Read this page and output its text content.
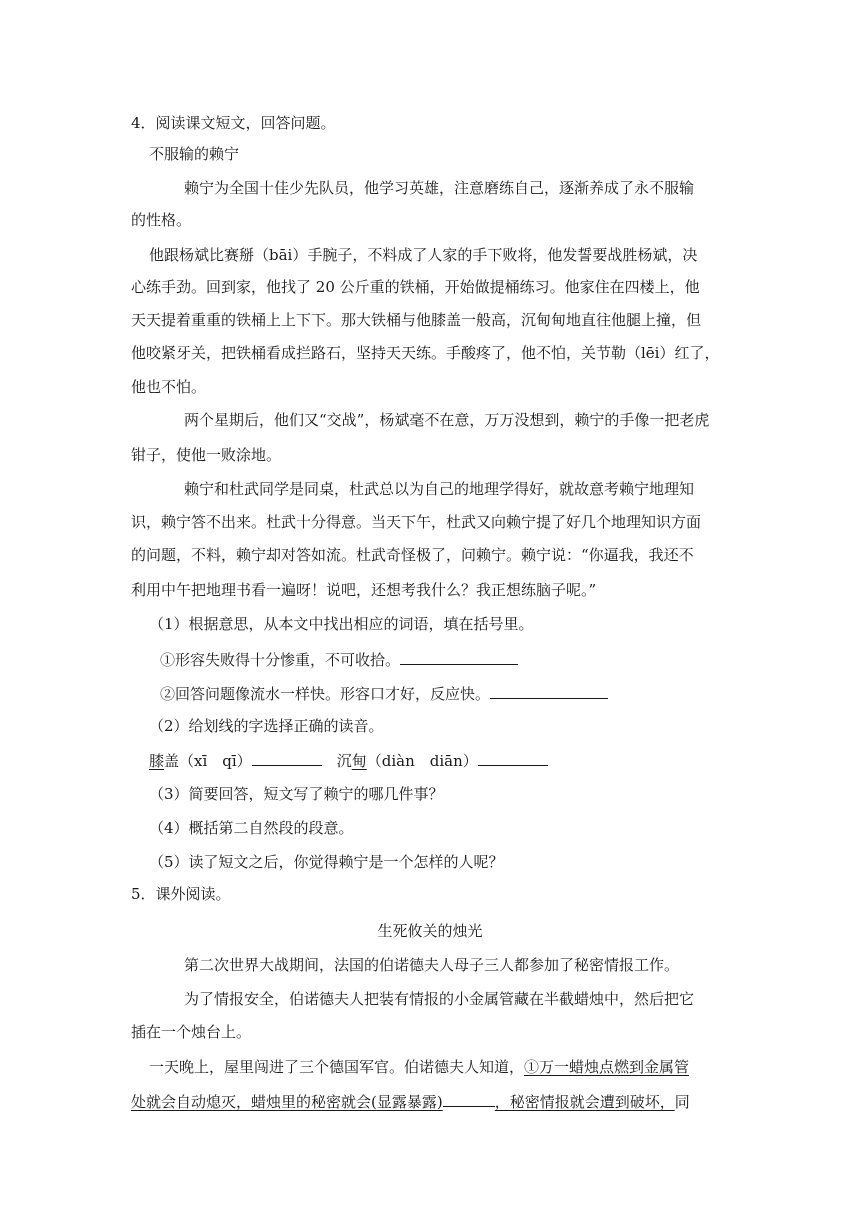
4．阅读课文短文，回答问题。
不服输的赖宁
赖宁为全国十佳少先队员，他学习英雄，注意磨练自己，逐渐养成了永不服输
的性格。
他跟杨斌比赛掰（bāi）手腕子，不料成了人家的手下败将，他发誓要战胜杨斌，决
心练手劲。回到家，他找了 20 公斤重的铁桶，开始做提桶练习。他家住在四楼上，他
天天提着重重的铁桶上上下下。那大铁桶与他膝盖一般高，沉甸甸地直往他腿上撞，但
他咬紧牙关，把铁桶看成拦路石，坚持天天练。手酸疼了，他不怕，关节勒（lēi）红了，
他也不怕。
两个星期后，他们又“交战”，杨斌毫不在意，万万没想到，赖宁的手像一把老虎
钳子，使他一败涂地。
赖宁和杜武同学是同桌，杜武总以为自己的地理学得好，就故意考赖宁地理知
识，赖宁答不出来。杜武十分得意。当天下午，杜武又向赖宁提了好几个地理知识方面
的问题，不料，赖宁却对答如流。杜武奇怪极了，问赖宁。赖宁说：“你逼我，我还不
利用中午把地理书看一遍呀！说吧，还想考我什么？我正想练脑子呢。”
（1）根据意思，从本文中找出相应的词语，填在括号里。
①形容失败得十分惨重，不可收拾。
②回答问题像流水一样快。形容口才好，反应快。
（2）给划线的字选择正确的读音。
膝盖（xī　qī）　	沉甸（diàn　diān）
（3）简要回答，短文写了赖宁的哪几件事？
（4）概括第二自然段的段意。
（5）读了短文之后，你觉得赖宁是一个怎样的人呢？
5．课外阅读。
生死攸关的烛光
第二次世界大战期间，法国的伯诺德夫人母子三人都参加了秘密情报工作。
为了情报安全，伯诺德夫人把装有情报的小金属管藏在半截蜡烛中，然后把它
插在一个烛台上。
一天晚上，屋里闯进了三个德国军官。伯诺德夫人知道，①万一蜡烛点燃到金属管
处就会自动熄灭，蜡烛里的秘密就会(显露暴露)	，秘密情报就会遭到破坏，同
